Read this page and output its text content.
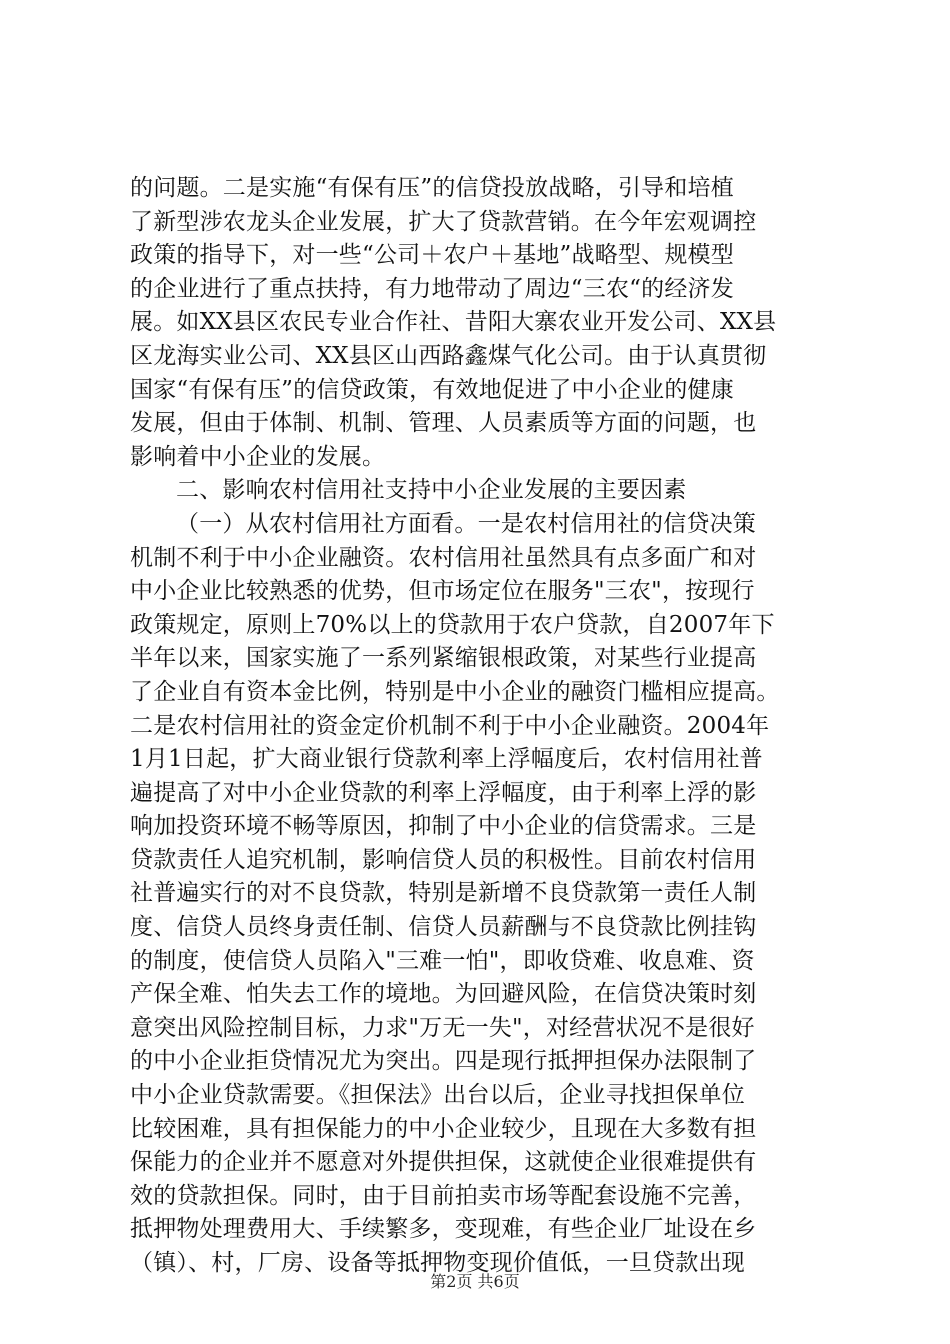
的问题。二是实施“有保有压”的信贷投放战略，引导和培植
了新型涉农龙头企业发展，扩大了贷款营销。在今年宏观调控
政策的指导下，对一些“公司＋农户＋基地”战略型、规模型
的企业进行了重点扶持，有力地带动了周边“三农“的经济发
展。如XX县区农民专业合作社、昔阳大寨农业开发公司、XX县
区龙海实业公司、XX县区山西路鑫煤气化公司。由于认真贯彻
国家“有保有压”的信贷政策，有效地促进了中小企业的健康
发展，但由于体制、机制、管理、人员素质等方面的问题，也
影响着中小企业的发展。
二、影响农村信用社支持中小企业发展的主要因素
（一）从农村信用社方面看。一是农村信用社的信贷决策
机制不利于中小企业融资。农村信用社虽然具有点多面广和对
中小企业比较熟悉的优势，但市场定位在服务"三农"，按现行
政策规定，原则上70%以上的贷款用于农户贷款，自2007年下
半年以来，国家实施了一系列紧缩银根政策，对某些行业提高
了企业自有资本金比例，特别是中小企业的融资门槛相应提高。
二是农村信用社的资金定价机制不利于中小企业融资。2004年
1月1日起，扩大商业银行贷款利率上浮幅度后，农村信用社普
遍提高了对中小企业贷款的利率上浮幅度，由于利率上浮的影
响加投资环境不畅等原因，抑制了中小企业的信贷需求。三是
贷款责任人追究机制，影响信贷人员的积极性。目前农村信用
社普遍实行的对不良贷款，特别是新增不良贷款第一责任人制
度、信贷人员终身责任制、信贷人员薪酬与不良贷款比例挂钩
的制度，使信贷人员陷入"三难一怕"，即收贷难、收息难、资
产保全难、怕失去工作的境地。为回避风险，在信贷决策时刻
意突出风险控制目标，力求"万无一失"，对经营状况不是很好
的中小企业拒贷情况尤为突出。四是现行抵押担保办法限制了
中小企业贷款需要。《担保法》出台以后，企业寻找担保单位
比较困难，具有担保能力的中小企业较少，且现在大多数有担
保能力的企业并不愿意对外提供担保，这就使企业很难提供有
效的贷款担保。同时，由于目前拍卖市场等配套设施不完善，
抵押物处理费用大、手续繁多，变现难，有些企业厂址设在乡
（镇）、村，厂房、设备等抵押物变现价值低，一旦贷款出现
第2页 共6页
